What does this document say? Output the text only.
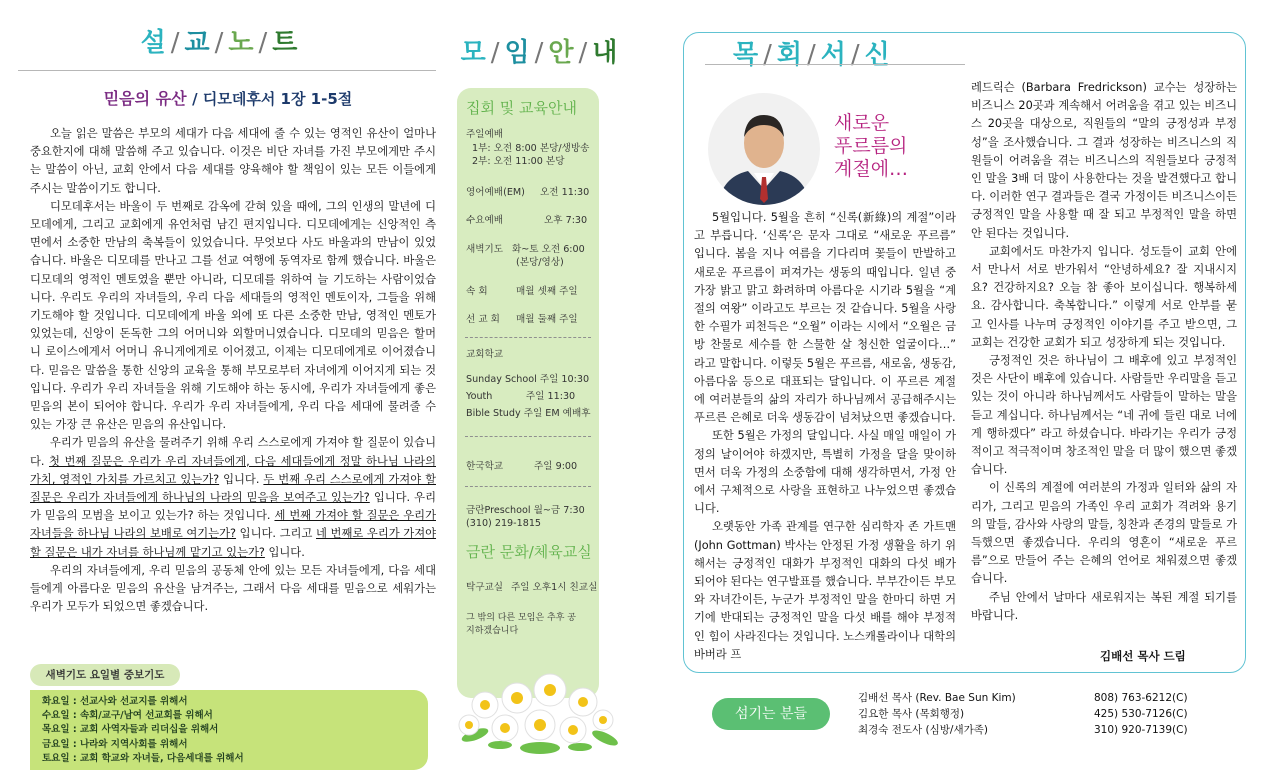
설 / 교 / 노 / 트
믿음의 유산 / 디모데후서 1장 1-5절

오늘 읽은 말씀은 부모의 세대가 다음 세대에 줄 수 있는 영적인 유산이 얼마나 중요한지에 대해 말씀해 주고 있습니다. 이것은 비단 자녀를 가진 부모에게만 주시는 말씀이 아닌, 교회 안에서 다음 세대를 양육해야 할 책임이 있는 모든 이들에게 주시는 말씀이기도 합니다.

디모데후서는 바울이 두 번째로 감옥에 갇혀 있을 때에, 그의 인생의 말년에 디모데에게, 그리고 교회에게 유언처럼 남긴 편지입니다. 디모데에게는 신앙적인 측면에서 소중한 만남의 축복들이 있었습니다. 무엇보다 사도 바울과의 만남이 있었습니다. 바울은 디모데를 만나고 그를 선교 여행에 동역자로 함께 했습니다. 바울은 디모데의 영적인 멘토였을 뿐만 아니라, 디모데를 위하여 늘 기도하는 사람이었습니다. 우리도 우리의 자녀들의, 우리 다음 세대들의 영적인 멘토이자, 그들을 위해 기도해야 할 것입니다. 디모데에게 바울 외에 또 다른 소중한 만남, 영적인 멘토가 있었는데, 신앙이 돈독한 그의 어머니와 외할머니였습니다. 디모데의 믿음은 할머니 로이스에게서 어머니 유니게에게로 이어졌고, 이제는 디모데에게로 이어졌습니다. 믿음은 말씀을 통한 신앙의 교육을 통해 부모로부터 자녀에게 이어지게 되는 것입니다. 우리가 우리 자녀들을 위해 기도해야 하는 동시에, 우리가 자녀들에게 좋은 믿음의 본이 되어야 합니다. 우리가 우리 자녀들에게, 우리 다음 세대에 물려줄 수 있는 가장 큰 유산은 믿음의 유산입니다.

우리가 믿음의 유산을 물려주기 위해 우리 스스로에게 가져야 할 질문이 있습니다. 첫 번째 질문은 우리가 우리 자녀들에게, 다음 세대들에게 정말 하나님 나라의 가치, 영적인 가치를 가르치고 있는가? 입니다. 두 번째 우리 스스로에게 가져야 할 질문은 우리가 자녀들에게 하나님의 나라의 믿음을 보여주고 있는가? 입니다. 우리가 믿음의 모범을 보이고 있는가? 하는 것입니다. 세 번째 가져야 할 질문은 우리가 자녀들을 하나님 나라의 보배로 여기는가? 입니다. 그리고 네 번째로 우리가 가져야 할 질문은 내가 자녀를 하나님께 맡기고 있는가? 입니다.

우리의 자녀들에게, 우리 믿음의 공동체 안에 있는 모든 자녀들에게, 다음 세대들에게 아름다운 믿음의 유산을 남겨주는, 그래서 다음 세대를 믿음으로 세워가는 우리가 모두가 되었으면 좋겠습니다.

새벽기도 요일별 중보기도
화요일 : 선교사와 선교지를 위해서
수요일 : 속회/교구/남여 선교회를 위해서
목요일 : 교회 사역자들과 리더십을 위해서
금요일 : 나라와 지역사회를 위해서
토요일 : 교회 학교와 자녀들, 다음세대를 위해서
모 / 임 / 안 / 내
집회 및 교육안내
주일예배
1부: 오전 8:00 본당/생방송
2부: 오전 11:00 본당
영어예배(EM)	오전 11:30
수요예배	오후 7:30
새벽기도 화~토 오전 6:00
(본당/영상)
속 회	매월 셋째 주일
선 교 회	매월 둘째 주일
교회학교
Sunday School 주일 10:30
Youth           주일 11:30
Bible Study 주일 EM 예배후
한국학교	주일 9:00
금란Preschool 월~금 7:30
(310) 219-1815
금란 문화/체육교실
탁구교실 주일 오후1시 친교실
그 밖의 다른 모임은 추후 공지하겠습니다
목 / 회 / 서 / 신
새로운
푸르름의
계절에…

5월입니다. 5월을 흔히 “신록(新綠)의 계절”이라고 부릅니다. ‘신록’은 문자 그대로 “새로운 푸르름” 입니다. 봄을 지나 여름을 기다리며 꽃들이 만발하고 새로운 푸르름이 퍼져가는 생동의 때입니다. 일년 중 가장 밝고 맑고 화려하며 아름다운 시기라 5월을 “계절의 여왕” 이라고도 부르는 것 같습니다. 5월을 사랑한 수필가 피천득은 “오월” 이라는 시에서 “오월은 금방 찬물로 세수를 한 스물한 살 청신한 얼굴이다…” 라고 말합니다. 이렇듯 5월은 푸르름, 새로움, 생동감, 아름다움 등으로 대표되는 달입니다. 이 푸르른 계절에 여러분들의 삶의 자리가 하나님께서 공급해주시는 푸르른 은혜로 더욱 생동감이 넘쳐났으면 좋겠습니다.

또한 5월은 가정의 달입니다. 사실 매일 매일이 가정의 날이어야 하겠지만, 특별히 가정을 달을 맞이하면서 더욱 가정의 소중함에 대해 생각하면서, 가정 안에서 구체적으로 사랑을 표현하고 나누었으면 좋겠습니다.

오랫동안 가족 관계를 연구한 심리학자 존 가트맨(John Gottman) 박사는 안정된 가정 생활을 하기 위해서는 긍정적인 대화가 부정적인 대화의 다섯 배가 되어야 된다는 연구발표를 했습니다. 부부간이든 부모와 자녀간이든, 누군가 부정적인 말을 한마디 하면 거기에 반대되는 긍정적인 말을 다섯 배를 해야 부정적인 힘이 사라진다는 것입니다. 노스캐롤라이나 대학의 바버라 프

레드릭슨 (Barbara Fredrickson) 교수는 성장하는 비즈니스 20곳과 계속해서 어려움을 겪고 있는 비즈니스 20곳을 대상으로, 직원들의 “말의 긍정성과 부정성”을 조사했습니다. 그 결과 성장하는 비즈니스의 직원들이 어려움을 겪는 비즈니스의 직원들보다 긍정적인 말을 3배 더 많이 사용한다는 것을 발견했다고 합니다. 이러한 연구 결과들은 결국 가정이든 비즈니스이든 긍정적인 말을 사용할 때 잘 되고 부정적인 말을 하면 안 된다는 것입니다.

교회에서도 마찬가지 입니다. 성도들이 교회 안에서 만나서 서로 반가워서 “안녕하세요? 잘 지내시지요? 건강하지요? 오늘 참 좋아 보이십니다. 행복하세요. 감사합니다. 축복합니다.” 이렇게 서로 안부를 묻고 인사를 나누며 긍정적인 이야기를 주고 받으면, 그 교회는 건강한 교회가 되고 성장하게 되는 것입니다.

긍정적인 것은 하나님이 그 배후에 있고 부정적인 것은 사단이 배후에 있습니다. 사람들만 우리말을 듣고 있는 것이 아니라 하나님께서도 사람들이 말하는 말을 듣고 계십니다. 하나님께서는 “네 귀에 들린 대로 너에게 행하겠다” 라고 하셨습니다. 바라기는 우리가 긍정적이고 적극적이며 창조적인 말을 더 많이 했으면 좋겠습니다.

이 신록의 계절에 여러분의 가정과 일터와 삶의 자리가, 그리고 믿음의 가족인 우리 교회가 격려와 용기의 말들, 감사와 사랑의 말들, 칭찬과 존경의 말들로 가득했으면 좋겠습니다. 우리의 영혼이 “새로운 푸르름”으로 만들어 주는 은혜의 언어로 채워졌으면 좋겠습니다.

주님 안에서 날마다 새로워지는 복된 계절 되기를 바랍니다.

김배선 목사 드림
섬기는 분들
김배선 목사 (Rev. Bae Sun Kim)	808) 763-6212(C)
김요한 목사 (목회행정)	425) 530-7126(C)
최경숙 전도사 (심방/새가족)	310) 920-7139(C)
